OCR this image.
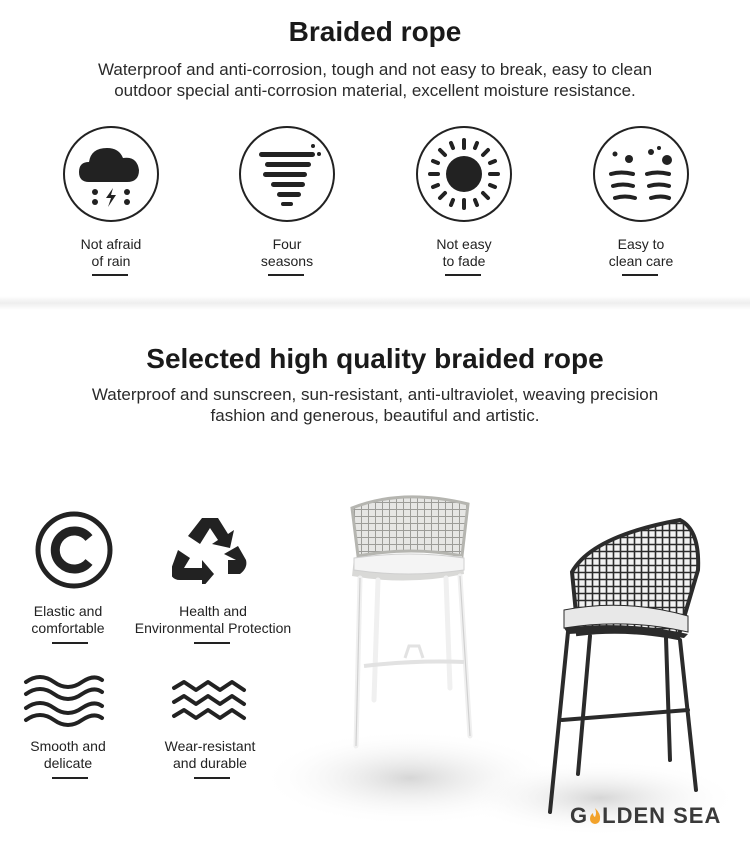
Braided rope
Waterproof and anti-corrosion, tough and not easy to break, easy to clean
outdoor special anti-corrosion material, excellent moisture resistance.
Not afraid
of rain
Four
seasons
Not easy
to fade
Easy to
clean care
Selected high quality braided rope
Waterproof and sunscreen, sun-resistant, anti-ultraviolet, weaving precision
fashion and generous, beautiful and artistic.
Elastic and
comfortable
Health and
Environmental Protection
Smooth and
delicate
Wear-resistant
and durable
G LDEN SEA
